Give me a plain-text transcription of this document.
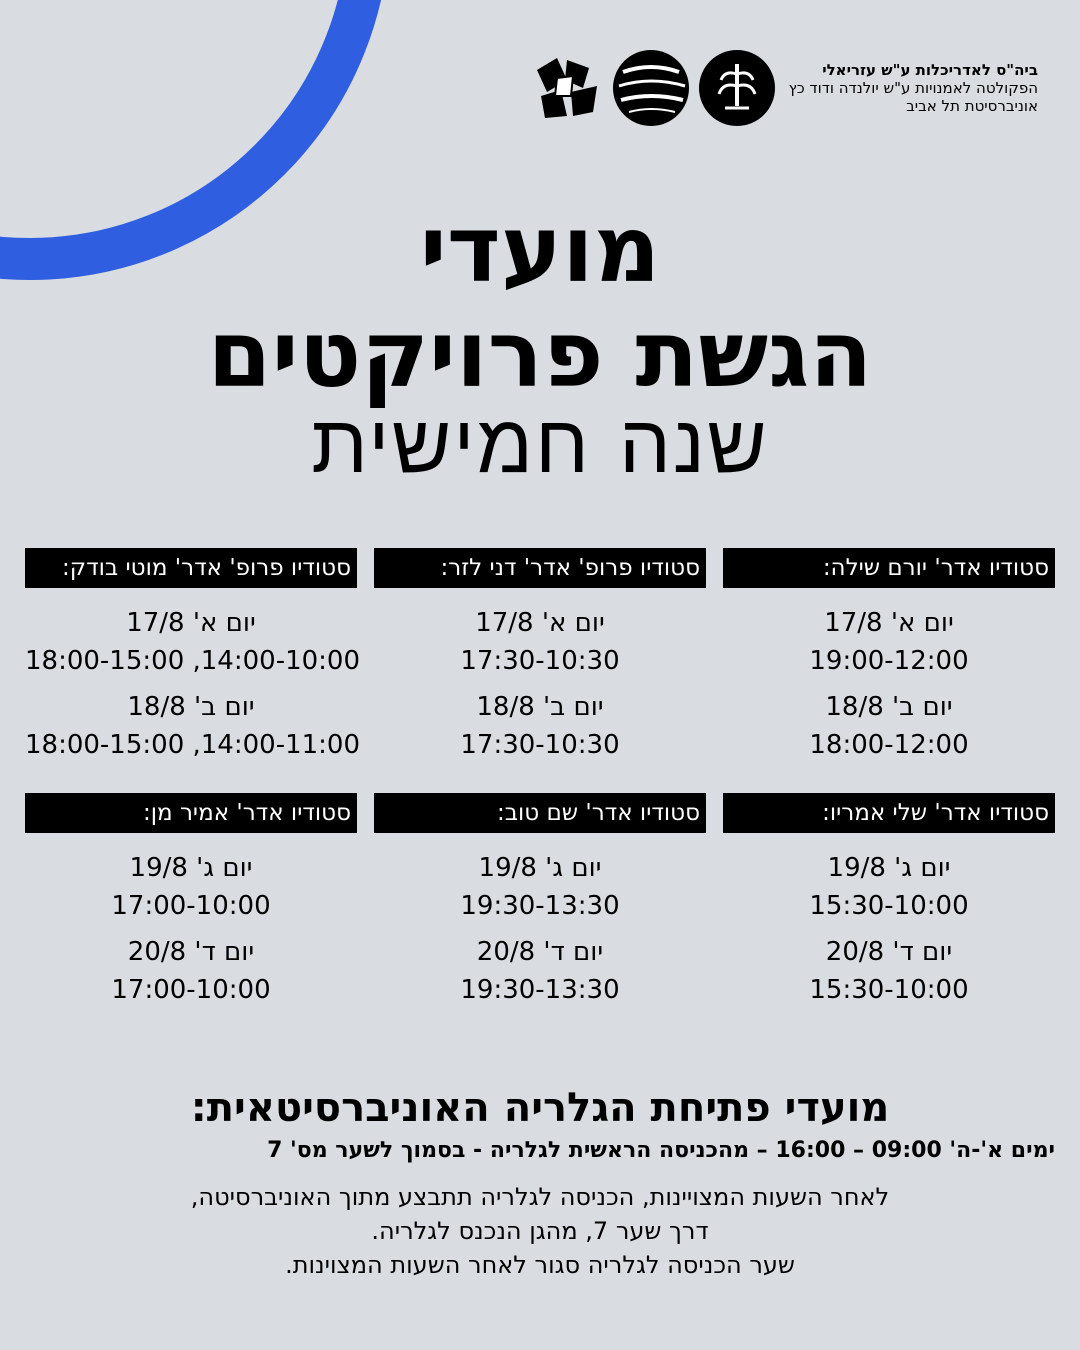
ביה"ס לאדריכלות ע"ש עזריאלי
הפקולטה לאמנויות ע"ש יולנדה ודוד כץ
אוניברסיטת תל אביב
מועדי
הגשת פרויקטים
שנה חמישית
סטודיו אדר' יורם שילה:
יום א' 17/8
19:00-12:00
יום ב' 18/8
18:00-12:00
סטודיו פרופ' אדר' דני לזר:
יום א' 17/8
17:30-10:30
יום ב' 18/8
17:30-10:30
סטודיו פרופ' אדר' מוטי בודק:
יום א' 17/8
18:00-15:00 ,14:00-10:00
יום ב' 18/8
18:00-15:00 ,14:00-11:00
סטודיו אדר' שלי אמריו:
יום ג' 19/8
15:30-10:00
יום ד' 20/8
15:30-10:00
סטודיו אדר' שם טוב:
יום ג' 19/8
19:30-13:30
יום ד' 20/8
19:30-13:30
סטודיו אדר' אמיר מן:
יום ג' 19/8
17:00-10:00
יום ד' 20/8
17:00-10:00
מועדי פתיחת הגלריה האוניברסיטאית:
ימים א'-ה' 09:00 – 16:00 – מהכניסה הראשית לגלריה - בסמוך לשער מס' 7
לאחר השעות המצויינות, הכניסה לגלריה תתבצע מתוך האוניברסיטה,
דרך שער 7, מהגן הנכנס לגלריה.
שער הכניסה לגלריה סגור לאחר השעות המצוינות.
